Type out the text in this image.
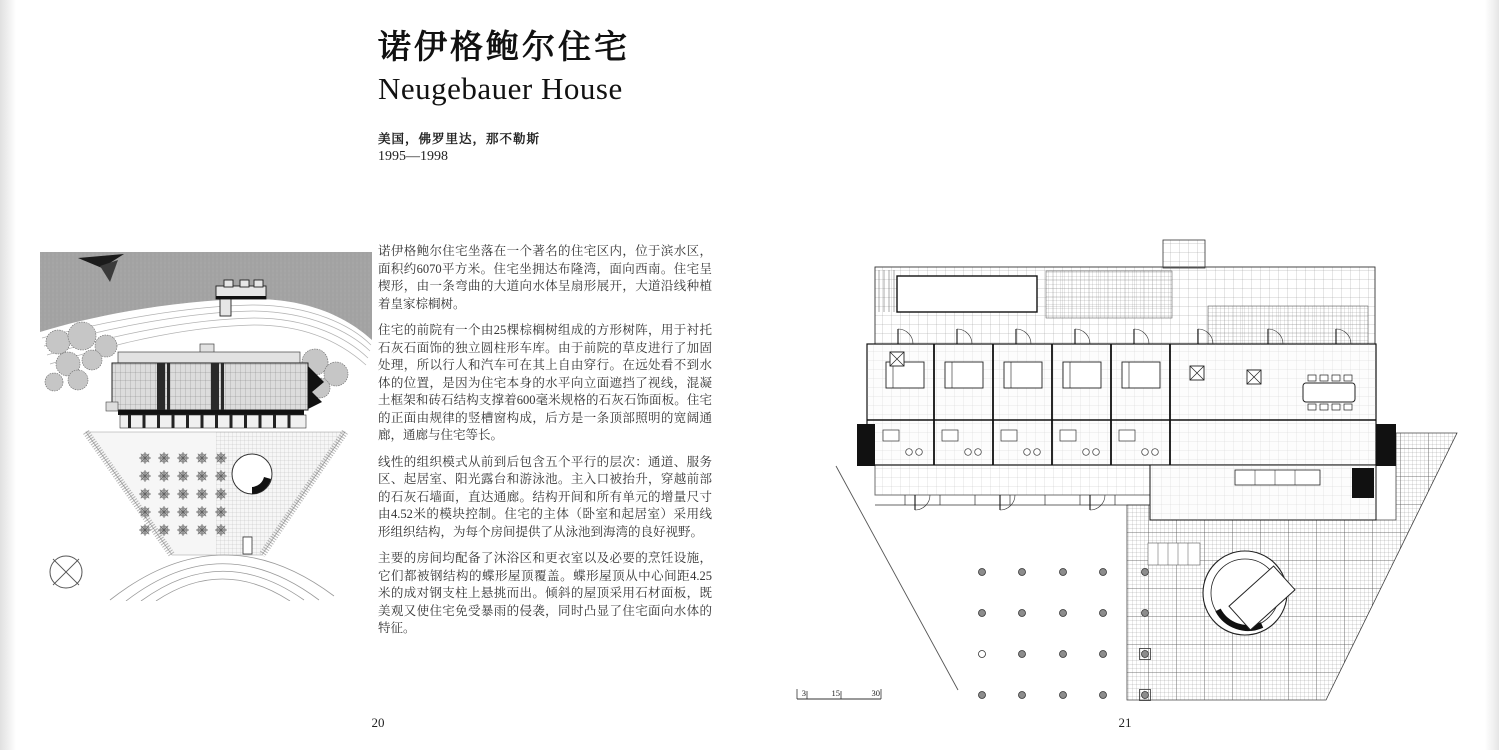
诺伊格鲍尔住宅
Neugebauer House
美国，佛罗里达，那不勒斯
1995—1998

诺伊格鲍尔住宅坐落在一个著名的住宅区内，位于滨水区，面积约6070平方米。住宅坐拥达布隆湾，面向西南。住宅呈楔形，由一条弯曲的大道向水体呈扇形展开，大道沿线种植着皇家棕榈树。

住宅的前院有一个由25棵棕榈树组成的方形树阵，用于衬托石灰石面饰的独立圆柱形车库。由于前院的草皮进行了加固处理，所以行人和汽车可在其上自由穿行。在远处看不到水体的位置，是因为住宅本身的水平向立面遮挡了视线，混凝土框架和砖石结构支撑着600毫米规格的石灰石饰面板。住宅的正面由规律的竖槽窗构成，后方是一条顶部照明的宽阔通廊，通廊与住宅等长。

线性的组织模式从前到后包含五个平行的层次：通道、服务区、起居室、阳光露台和游泳池。主入口被抬升，穿越前部的石灰石墙面，直达通廊。结构开间和所有单元的增量尺寸由4.52米的模块控制。住宅的主体（卧室和起居室）采用线形组织结构，为每个房间提供了从泳池到海湾的良好视野。

主要的房间均配备了沐浴区和更衣室以及必要的烹饪设施，它们都被钢结构的蝶形屋顶覆盖。蝶形屋顶从中心间距4.25米的成对钢支柱上悬挑而出。倾斜的屋顶采用石材面板，既美观又使住宅免受暴雨的侵袭，同时凸显了住宅面向水体的特征。

20	21
3	15	30
